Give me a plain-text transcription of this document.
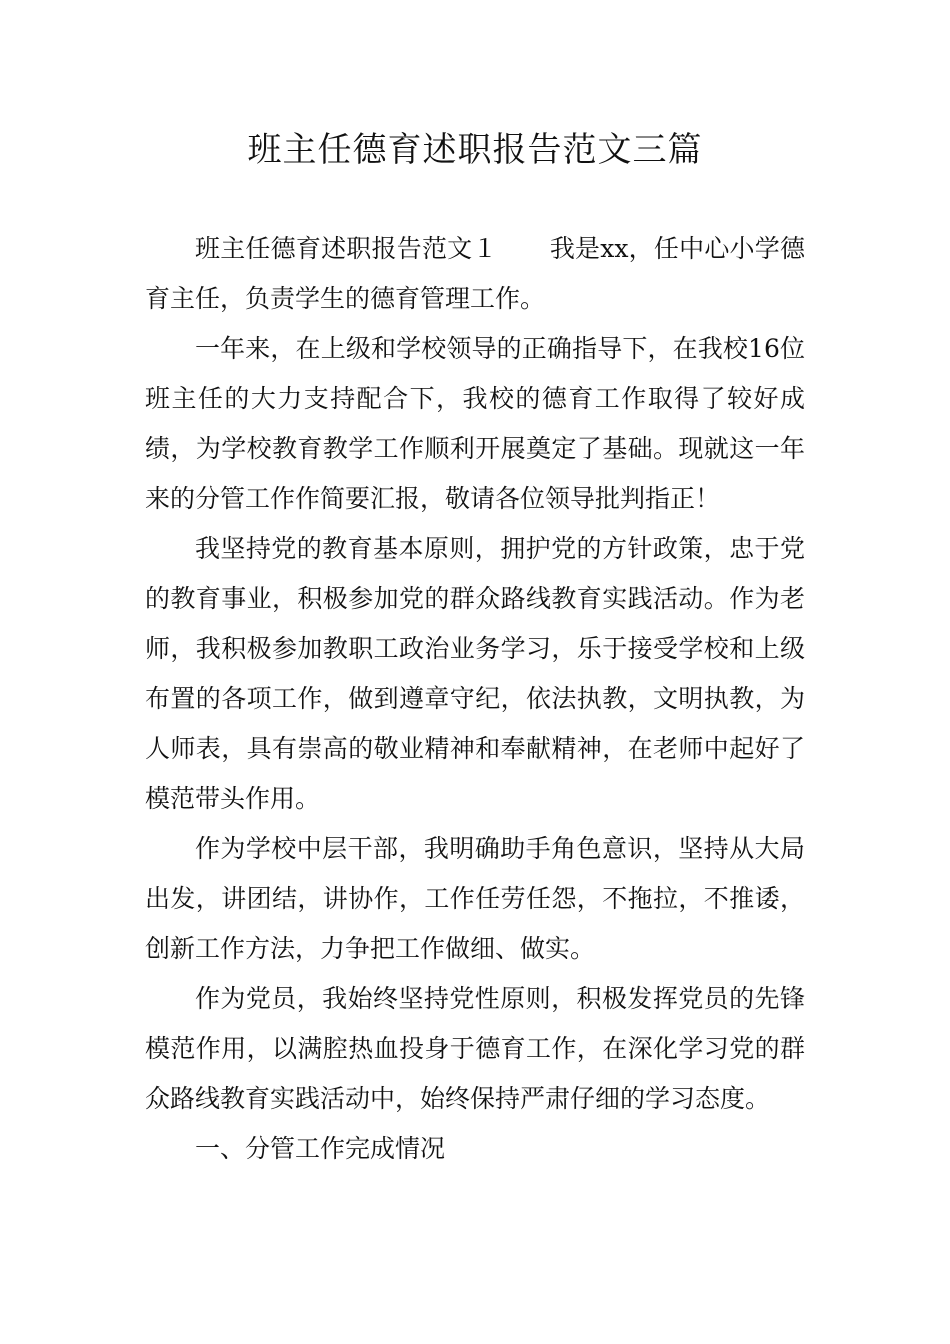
班主任德育述职报告范文三篇

班主任德育述职报告范文１ 我是xx，任中心小学德育主任，负责学生的德育管理工作。

一年来，在上级和学校领导的正确指导下，在我校16位班主任的大力支持配合下，我校的德育工作取得了较好成绩，为学校教育教学工作顺利开展奠定了基础。现就这一年来的分管工作作简要汇报，敬请各位领导批判指正！

我坚持党的教育基本原则，拥护党的方针政策，忠于党的教育事业，积极参加党的群众路线教育实践活动。作为老师，我积极参加教职工政治业务学习，乐于接受学校和上级布置的各项工作，做到遵章守纪，依法执教，文明执教，为人师表，具有崇高的敬业精神和奉献精神，在老师中起好了模范带头作用。

作为学校中层干部，我明确助手角色意识，坚持从大局出发，讲团结，讲协作，工作任劳任怨，不拖拉，不推诿，创新工作方法，力争把工作做细、做实。

作为党员，我始终坚持党性原则，积极发挥党员的先锋模范作用，以满腔热血投身于德育工作，在深化学习党的群众路线教育实践活动中，始终保持严肃仔细的学习态度。

一、分管工作完成情况
